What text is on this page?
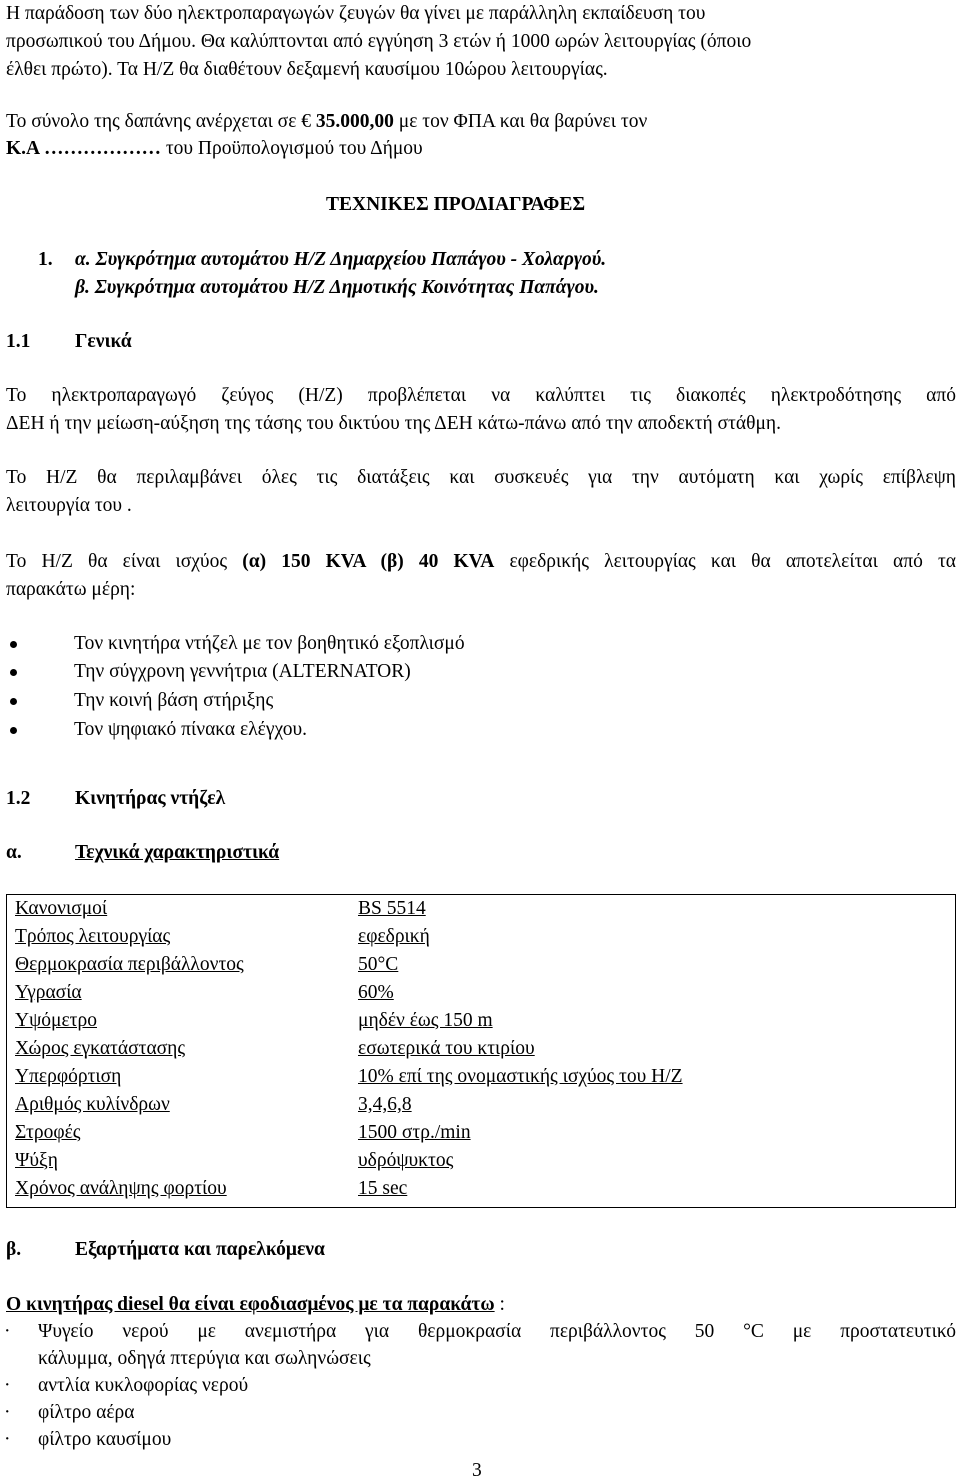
Η παράδοση των δύο ηλεκτροπαραγωγών ζευγών θα γίνει με παράλληλη εκπαίδευση του
προσωπικού του Δήμου. Θα καλύπτονται από εγγύηση 3 ετών ή 1000 ωρών λειτουργίας (όποιο
έλθει πρώτο). Τα Η/Ζ θα διαθέτουν δεξαμενή καυσίμου 10ώρου λειτουργίας.
Το σύνολο της δαπάνης ανέρχεται σε € 35.000,00 με τον ΦΠΑ και θα βαρύνει τον
Κ.Α ……………… του Προϋπολογισμού του Δήμου
ΤΕΧΝΙΚΕΣ ΠΡΟΔΙΑΓΡΑΦΕΣ
1. α. Συγκρότημα αυτομάτου Η/Ζ Δημαρχείου Παπάγου - Χολαργού.
β. Συγκρότημα αυτομάτου Η/Ζ Δημοτικής Κοινότητας Παπάγου.
1.1 Γενικά
Το ηλεκτροπαραγωγό ζεύγος (Η/Ζ) προβλέπεται να καλύπτει τις διακοπές ηλεκτροδότησης από
ΔΕΗ ή την μείωση-αύξηση της τάσης του δικτύου της ΔΕΗ κάτω-πάνω από την αποδεκτή στάθμη.
Το Η/Ζ θα περιλαμβάνει όλες τις διατάξεις και συσκευές για την αυτόματη και χωρίς επίβλεψη
λειτουργία του .
Το Η/Ζ θα είναι ισχύος (α) 150 KVA (β) 40 KVA εφεδρικής λειτουργίας και θα αποτελείται από τα
παρακάτω μέρη:
Τον κινητήρα ντήζελ με τον βοηθητικό εξοπλισμό
Την σύγχρονη γεννήτρια (ALTERNATOR)
Την κοινή βάση στήριξης
Τον ψηφιακό πίνακα ελέγχου.
1.2 Κινητήρας ντήζελ
α.	Τεχνικά χαρακτηριστικά
Κανονισμοί	BS 5514
Τρόπος λειτουργίας	εφεδρική
Θερμοκρασία περιβάλλοντος	50°C
Υγρασία	60%
Υψόμετρο	μηδέν έως 150 m
Χώρος εγκατάστασης	εσωτερικά του κτιρίου
Υπερφόρτιση	10% επί της ονομαστικής ισχύος του Η/Ζ
Αριθμός κυλίνδρων	3,4,6,8
Στροφές	1500 στρ./min
Ψύξη	υδρόψυκτος
Χρόνος ανάληψης φορτίου	15 sec
β.	Εξαρτήματα και παρελκόμενα
Ο κινητήρας diesel θα είναι εφοδιασμένος με τα παρακάτω :
·	Ψυγείο νερού με ανεμιστήρα για θερμοκρασία περιβάλλοντος 50 °C με προστατευτικό
κάλυμμα, οδηγά πτερύγια και σωληνώσεις
· αντλία κυκλοφορίας νερού
· φίλτρο αέρα
· φίλτρο καυσίμου
3
